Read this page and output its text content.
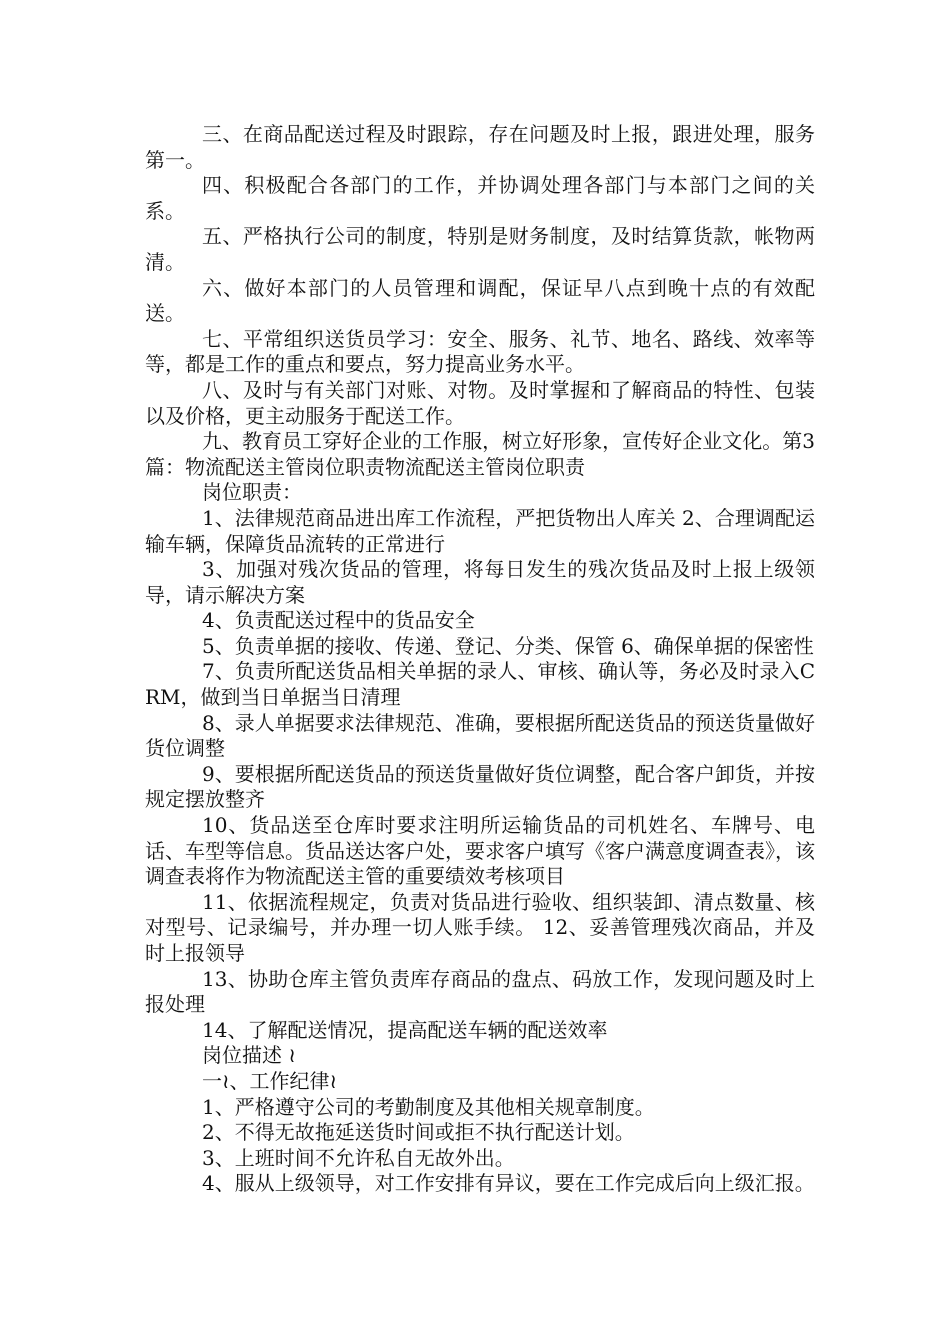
三、在商品配送过程及时跟踪，存在问题及时上报，跟进处理，服务第一。

四、积极配合各部门的工作，并协调处理各部门与本部门之间的关系。

五、严格执行公司的制度，特别是财务制度，及时结算货款，帐物两清。

六、做好本部门的人员管理和调配，保证早八点到晚十点的有效配送。

七、平常组织送货员学习：安全、服务、礼节、地名、路线、效率等等，都是工作的重点和要点，努力提高业务水平。

八、及时与有关部门对账、对物。及时掌握和了解商品的特性、包装以及价格，更主动服务于配送工作。

九、教育员工穿好企业的工作服，树立好形象，宣传好企业文化。第3篇：物流配送主管岗位职责物流配送主管岗位职责

岗位职责：

1、法律规范商品进出库工作流程，严把货物出人库关 2、合理调配运输车辆，保障货品流转的正常进行

3、加强对残次货品的管理，将每日发生的残次货品及时上报上级领导，请示解决方案

4、负责配送过程中的货品安全

5、负责单据的接收、传递、登记、分类、保管 6、确保单据的保密性

7、负责所配送货品相关单据的录人、审核、确认等，务必及时录入CRM，做到当日单据当日清理

8、录人单据要求法律规范、准确，要根据所配送货品的预送货量做好货位调整

9、要根据所配送货品的预送货量做好货位调整，配合客户卸货，并按规定摆放整齐

10、货品送至仓库时要求注明所运输货品的司机姓名、车牌号、电话、车型等信息。货品送达客户处，要求客户填写《客户满意度调查表》，该调查表将作为物流配送主管的重要绩效考核项目

11、依据流程规定，负责对货品进行验收、组织装卸、清点数量、核对型号、记录编号，并办理一切人账手续。 12、妥善管理残次商品，并及时上报领导

13、协助仓库主管负责库存商品的盘点、码放工作，发现问题及时上报处理

14、了解配送情况，提高配送车辆的配送效率

岗位描述 ≀

一≀、工作纪律≀

1、严格遵守公司的考勤制度及其他相关规章制度。

2、不得无故拖延送货时间或拒不执行配送计划。

3、上班时间不允许私自无故外出。

4、服从上级领导，对工作安排有异议，要在工作完成后向上级汇报。
